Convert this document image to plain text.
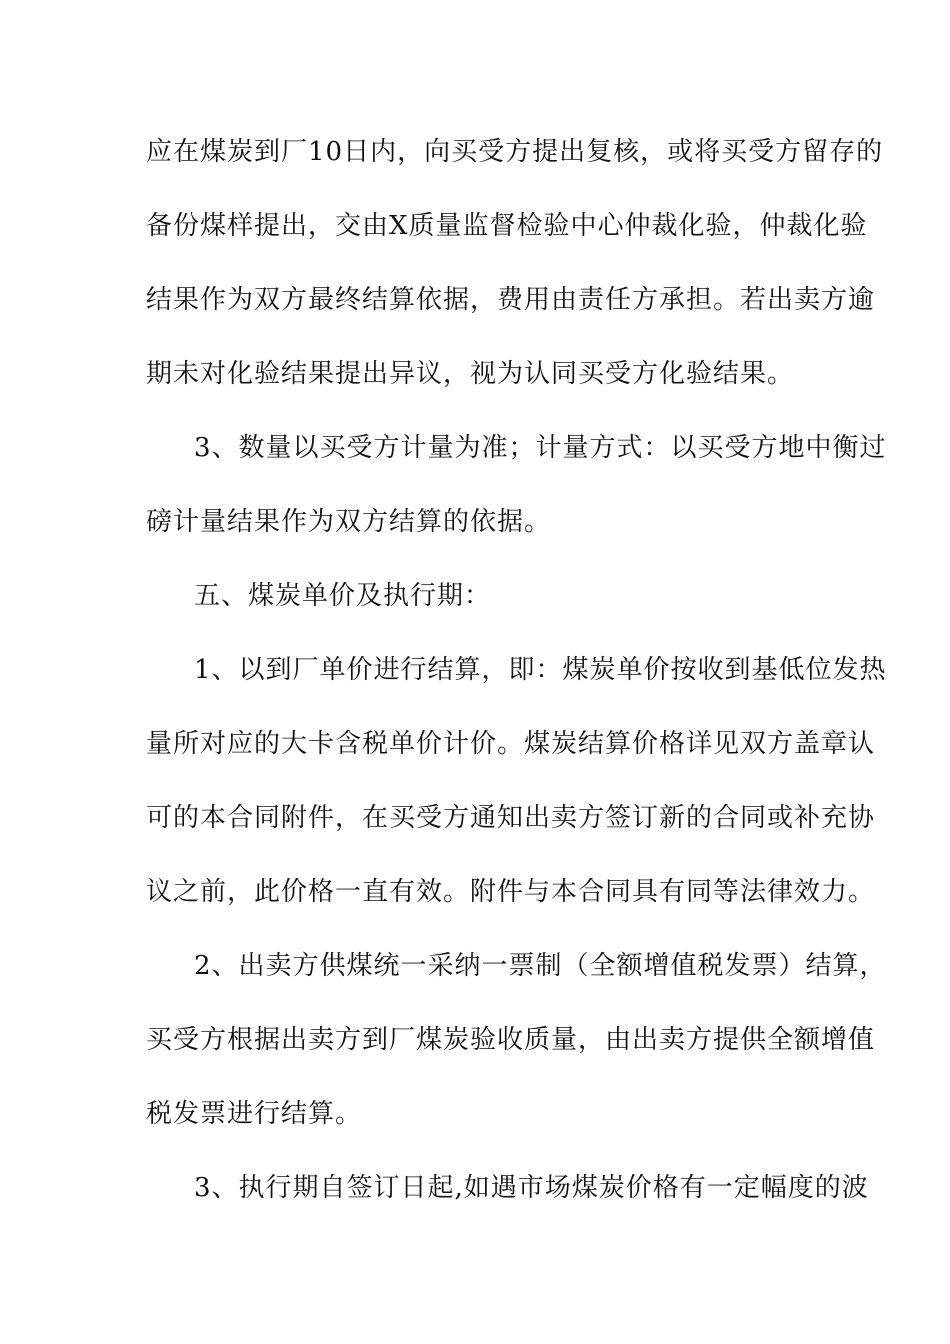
应在煤炭到厂10日内，向买受方提出复核，或将买受方留存的
备份煤样提出，交由X质量监督检验中心仲裁化验，仲裁化验
结果作为双方最终结算依据，费用由责任方承担。若出卖方逾
期未对化验结果提出异议，视为认同买受方化验结果。
3、数量以买受方计量为准；计量方式：以买受方地中衡过
磅计量结果作为双方结算的依据。
五、煤炭单价及执行期：
1、以到厂单价进行结算，即：煤炭单价按收到基低位发热
量所对应的大卡含税单价计价。煤炭结算价格详见双方盖章认
可的本合同附件，在买受方通知出卖方签订新的合同或补充协
议之前，此价格一直有效。附件与本合同具有同等法律效力。
2、出卖方供煤统一采纳一票制（全额增值税发票）结算，
买受方根据出卖方到厂煤炭验收质量，由出卖方提供全额增值
税发票进行结算。
3、执行期自签订日起,如遇市场煤炭价格有一定幅度的波
